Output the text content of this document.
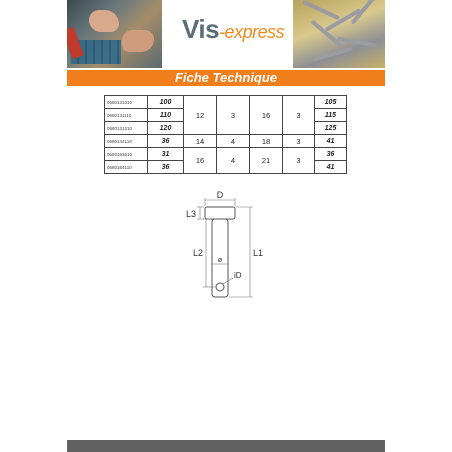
Vis-express
Fiche Technique
0680131010	100	12	3	16	3	105
0680131110	110					115
0680131210	120					125
0680144110	36	14	4	18	3	41
0680163610	31	16	4	21	3	36
0680164110	36					41
D
L3
L2	L1
ø
iD
